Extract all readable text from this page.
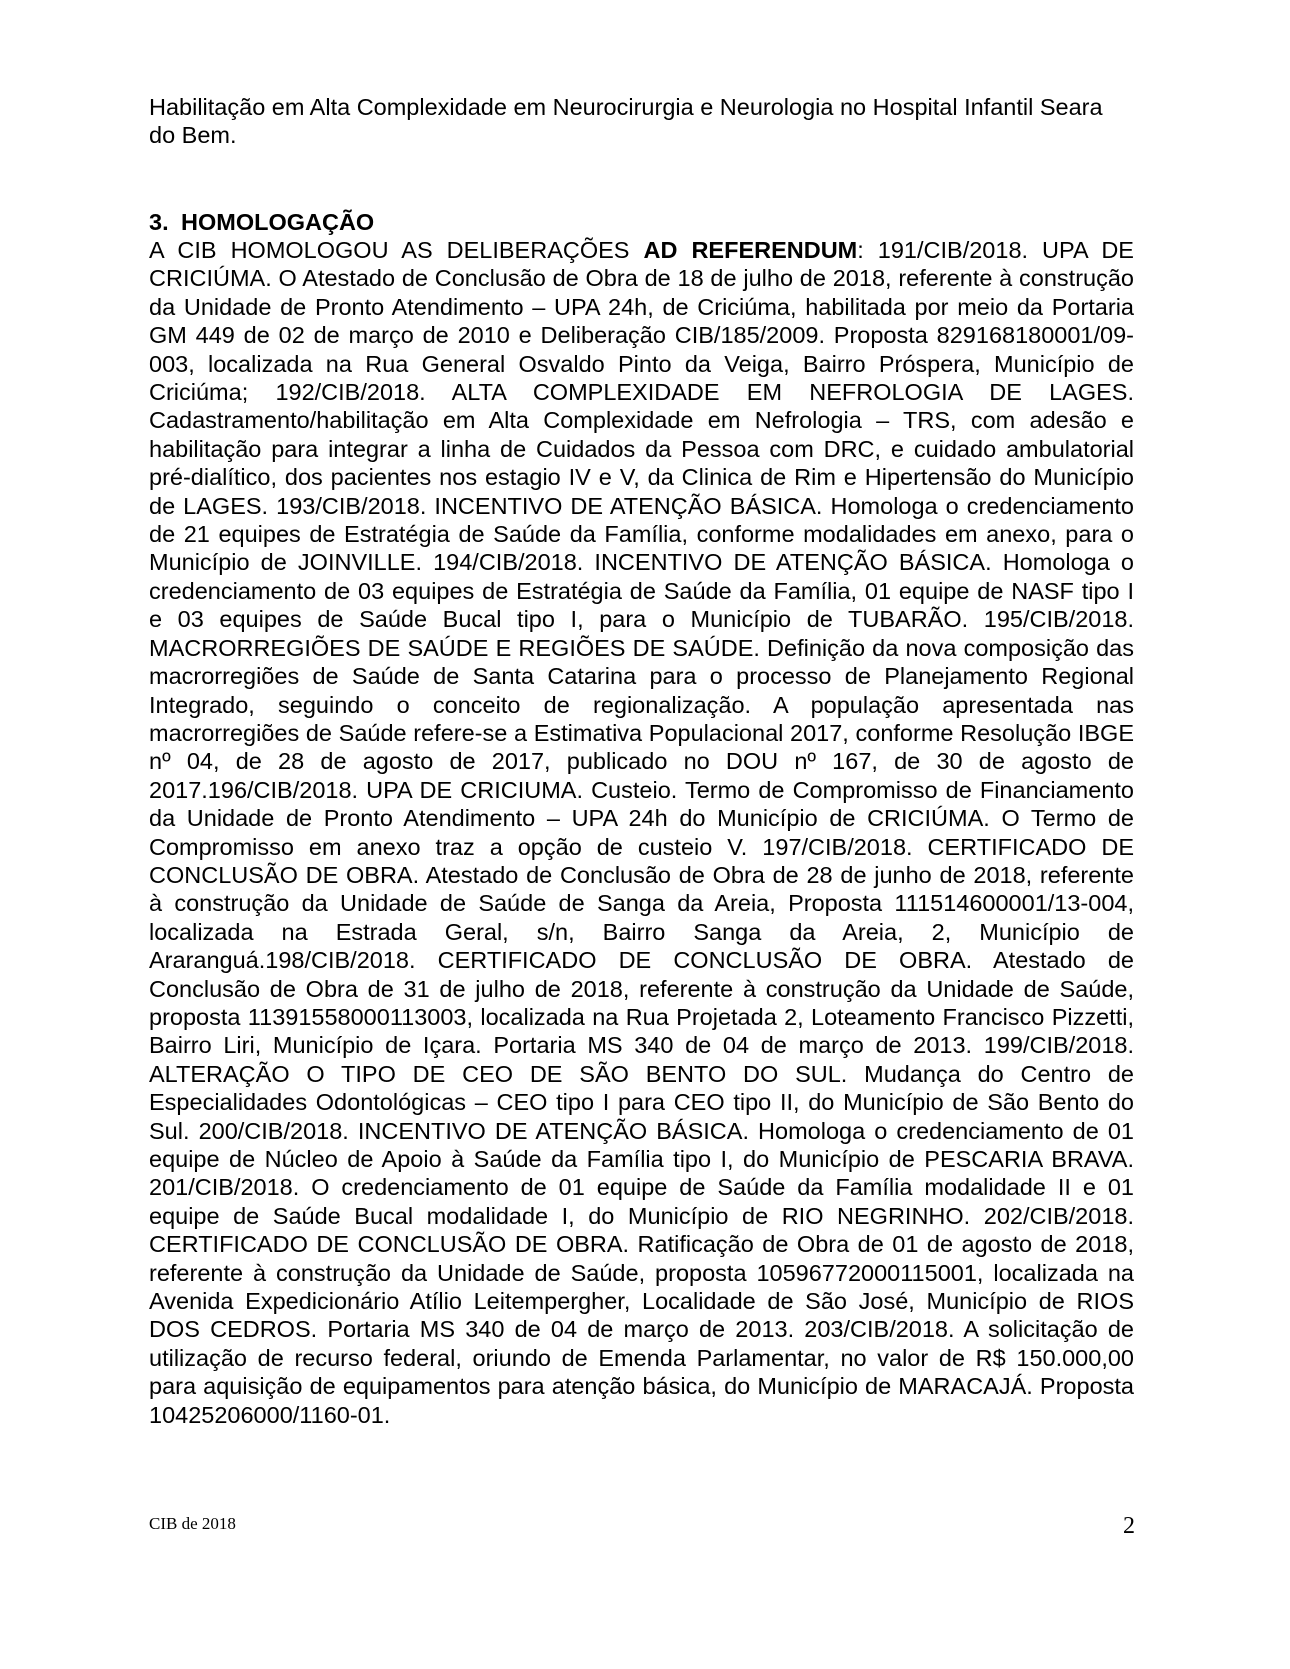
Habilitação em Alta Complexidade em Neurocirurgia e Neurologia no Hospital Infantil Seara do Bem.

3. HOMOLOGAÇÃO

A CIB HOMOLOGOU AS DELIBERAÇÕES AD REFERENDUM: 191/CIB/2018. UPA DE CRICIÚMA. O Atestado de Conclusão de Obra de 18 de julho de 2018, referente à construção da Unidade de Pronto Atendimento – UPA 24h, de Criciúma, habilitada por meio da Portaria GM 449 de 02 de março de 2010 e Deliberação CIB/185/2009. Proposta 829168180001/09-003, localizada na Rua General Osvaldo Pinto da Veiga, Bairro Próspera, Município de Criciúma; 192/CIB/2018. ALTA COMPLEXIDADE EM NEFROLOGIA DE LAGES. Cadastramento/habilitação em Alta Complexidade em Nefrologia – TRS, com adesão e habilitação para integrar a linha de Cuidados da Pessoa com DRC, e cuidado ambulatorial pré-dialítico, dos pacientes nos estagio IV e V, da Clinica de Rim e Hipertensão do Município de LAGES. 193/CIB/2018. INCENTIVO DE ATENÇÃO BÁSICA. Homologa o credenciamento de 21 equipes de Estratégia de Saúde da Família, conforme modalidades em anexo, para o Município de JOINVILLE. 194/CIB/2018. INCENTIVO DE ATENÇÃO BÁSICA. Homologa o credenciamento de 03 equipes de Estratégia de Saúde da Família, 01 equipe de NASF tipo I e 03 equipes de Saúde Bucal tipo I, para o Município de TUBARÃO. 195/CIB/2018. MACRORREGIÕES DE SAÚDE E REGIÕES DE SAÚDE. Definição da nova composição das macrorregiões de Saúde de Santa Catarina para o processo de Planejamento Regional Integrado, seguindo o conceito de regionalização. A população apresentada nas macrorregiões de Saúde refere-se a Estimativa Populacional 2017, conforme Resolução IBGE nº 04, de 28 de agosto de 2017, publicado no DOU nº 167, de 30 de agosto de 2017.196/CIB/2018. UPA DE CRICIUMA. Custeio. Termo de Compromisso de Financiamento da Unidade de Pronto Atendimento – UPA 24h do Município de CRICIÚMA. O Termo de Compromisso em anexo traz a opção de custeio V. 197/CIB/2018. CERTIFICADO DE CONCLUSÃO DE OBRA. Atestado de Conclusão de Obra de 28 de junho de 2018, referente à construção da Unidade de Saúde de Sanga da Areia, Proposta 111514600001/13-004, localizada na Estrada Geral, s/n, Bairro Sanga da Areia, 2, Município de Araranguá.198/CIB/2018. CERTIFICADO DE CONCLUSÃO DE OBRA. Atestado de Conclusão de Obra de 31 de julho de 2018, referente à construção da Unidade de Saúde, proposta 11391558000113003, localizada na Rua Projetada 2, Loteamento Francisco Pizzetti, Bairro Liri, Município de Içara. Portaria MS 340 de 04 de março de 2013. 199/CIB/2018. ALTERAÇÃO O TIPO DE CEO DE SÃO BENTO DO SUL. Mudança do Centro de Especialidades Odontológicas – CEO tipo I para CEO tipo II, do Município de São Bento do Sul. 200/CIB/2018. INCENTIVO DE ATENÇÃO BÁSICA. Homologa o credenciamento de 01 equipe de Núcleo de Apoio à Saúde da Família tipo I, do Município de PESCARIA BRAVA. 201/CIB/2018. O credenciamento de 01 equipe de Saúde da Família modalidade II e 01 equipe de Saúde Bucal modalidade I, do Município de RIO NEGRINHO. 202/CIB/2018. CERTIFICADO DE CONCLUSÃO DE OBRA. Ratificação de Obra de 01 de agosto de 2018, referente à construção da Unidade de Saúde, proposta 10596772000115001, localizada na Avenida Expedicionário Atílio Leitempergher, Localidade de São José, Município de RIOS DOS CEDROS. Portaria MS 340 de 04 de março de 2013. 203/CIB/2018. A solicitação de utilização de recurso federal, oriundo de Emenda Parlamentar, no valor de R$ 150.000,00 para aquisição de equipamentos para atenção básica, do Município de MARACAJÁ. Proposta 10425206000/1160-01.

CIB de 2018	2
